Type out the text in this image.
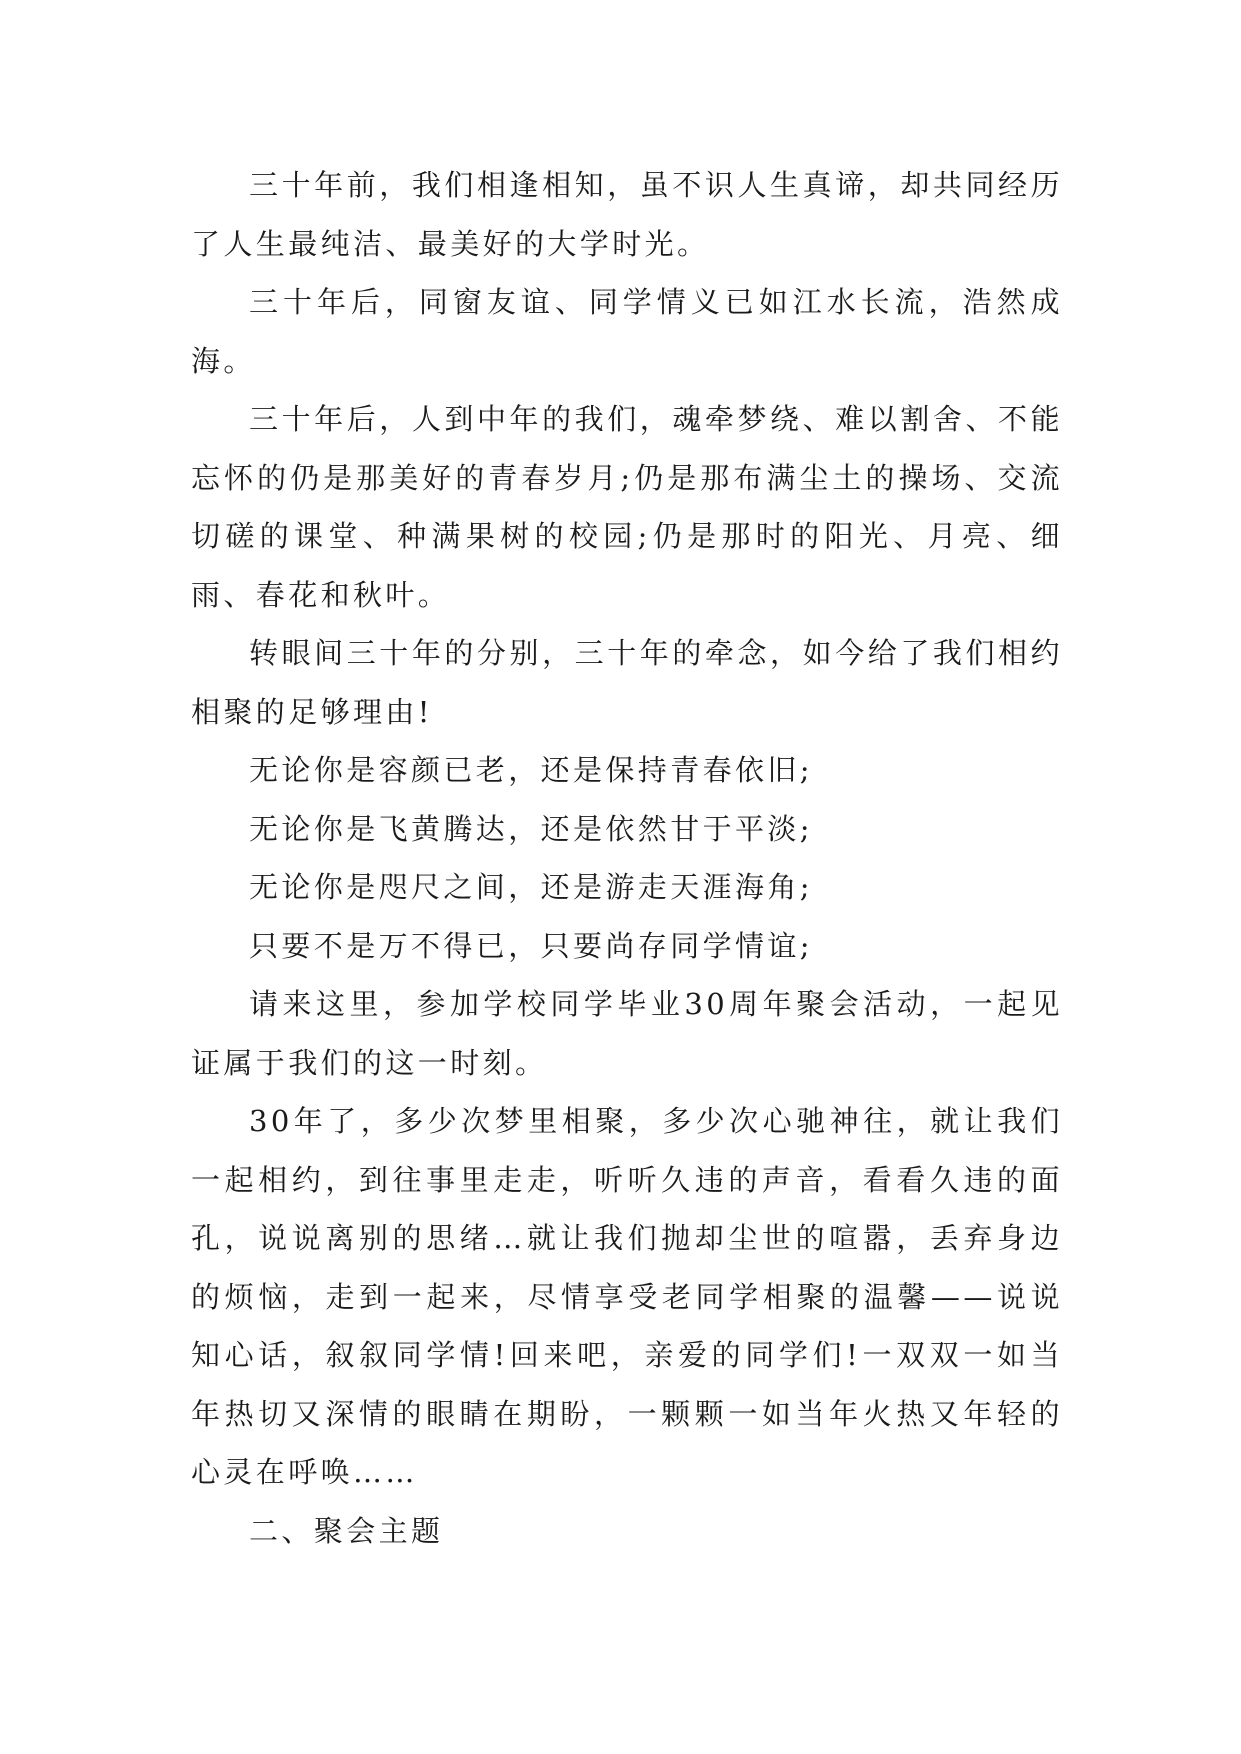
三十年前，我们相逢相知，虽不识人生真谛，却共同经历了人生最纯洁、最美好的大学时光。

三十年后，同窗友谊、同学情义已如江水长流，浩然成海。

三十年后，人到中年的我们，魂牵梦绕、难以割舍、不能忘怀的仍是那美好的青春岁月;仍是那布满尘土的操场、交流切磋的课堂、种满果树的校园;仍是那时的阳光、月亮、细雨、春花和秋叶。

转眼间三十年的分别，三十年的牵念，如今给了我们相约相聚的足够理由!

无论你是容颜已老，还是保持青春依旧;

无论你是飞黄腾达，还是依然甘于平淡;

无论你是咫尺之间，还是游走天涯海角;

只要不是万不得已，只要尚存同学情谊;

请来这里，参加学校同学毕业30周年聚会活动，一起见证属于我们的这一时刻。

30年了，多少次梦里相聚，多少次心驰神往，就让我们一起相约，到往事里走走，听听久违的声音，看看久违的面孔，说说离别的思绪…就让我们抛却尘世的喧嚣，丢弃身边的烦恼，走到一起来，尽情享受老同学相聚的温馨——说说知心话，叙叙同学情!回来吧，亲爱的同学们!一双双一如当年热切又深情的眼睛在期盼，一颗颗一如当年火热又年轻的心灵在呼唤……

二、聚会主题
